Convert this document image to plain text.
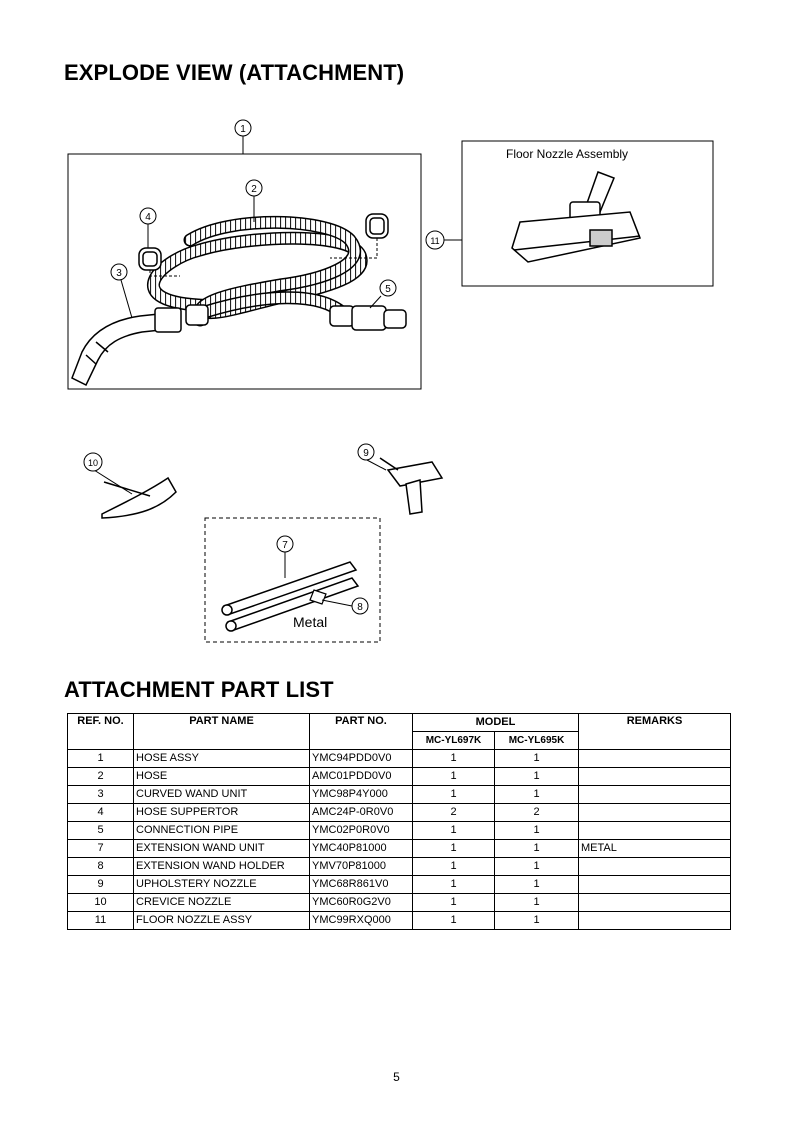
EXPLODE VIEW (ATTACHMENT)
Floor Nozzle Assembly
Metal
1
2
3
4
5
7
8
9
10
11
ATTACHMENT PART LIST
REF. NO.	PART NAME	PART NO.	MODEL		REMARKS
			MC-YL697K	MC-YL695K	
1	HOSE ASSY	YMC94PDD0V0	1	1	
2	HOSE	AMC01PDD0V0	1	1	
3	CURVED WAND UNIT	YMC98P4Y000	1	1	
4	HOSE SUPPERTOR	AMC24P-0R0V0	2	2	
5	CONNECTION PIPE	YMC02P0R0V0	1	1	
7	EXTENSION WAND UNIT	YMC40P81000	1	1	METAL
8	EXTENSION WAND HOLDER	YMV70P81000	1	1	
9	UPHOLSTERY NOZZLE	YMC68R861V0	1	1	
10	CREVICE NOZZLE	YMC60R0G2V0	1	1	
11	FLOOR NOZZLE ASSY	YMC99RXQ000	1	1	
5
